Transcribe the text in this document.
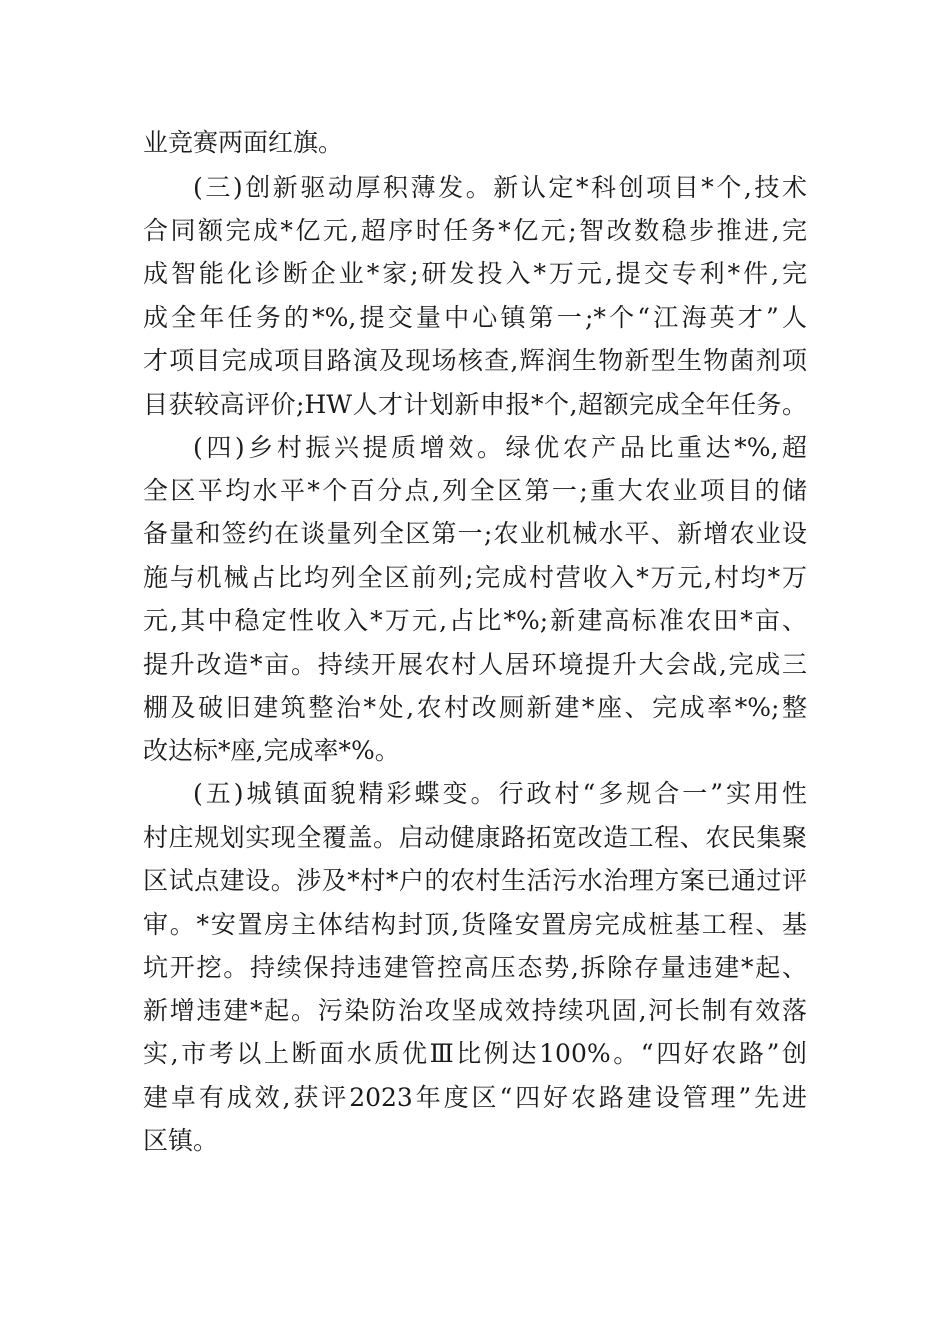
业竞赛两面红旗。
(三)创新驱动厚积薄发。新认定*科创项目*个,技术
合同额完成*亿元,超序时任务*亿元;智改数稳步推进,完
成智能化诊断企业*家;研发投入*万元,提交专利*件,完
成全年任务的*%,提交量中心镇第一;*个“江海英才”人
才项目完成项目路演及现场核查,辉润生物新型生物菌剂项
目获较高评价;HW人才计划新申报*个,超额完成全年任务。
(四)乡村振兴提质增效。绿优农产品比重达*%,超
全区平均水平*个百分点,列全区第一;重大农业项目的储
备量和签约在谈量列全区第一;农业机械水平、新增农业设
施与机械占比均列全区前列;完成村营收入*万元,村均*万
元,其中稳定性收入*万元,占比*%;新建高标准农田*亩、
提升改造*亩。持续开展农村人居环境提升大会战,完成三
棚及破旧建筑整治*处,农村改厕新建*座、完成率*%;整
改达标*座,完成率*%。
(五)城镇面貌精彩蝶变。行政村“多规合一”实用性
村庄规划实现全覆盖。启动健康路拓宽改造工程、农民集聚
区试点建设。涉及*村*户的农村生活污水治理方案已通过评
审。*安置房主体结构封顶,货隆安置房完成桩基工程、基
坑开挖。持续保持违建管控高压态势,拆除存量违建*起、
新增违建*起。污染防治攻坚成效持续巩固,河长制有效落
实,市考以上断面水质优Ⅲ比例达100%。“四好农路”创
建卓有成效,获评2023年度区“四好农路建设管理”先进
区镇。
